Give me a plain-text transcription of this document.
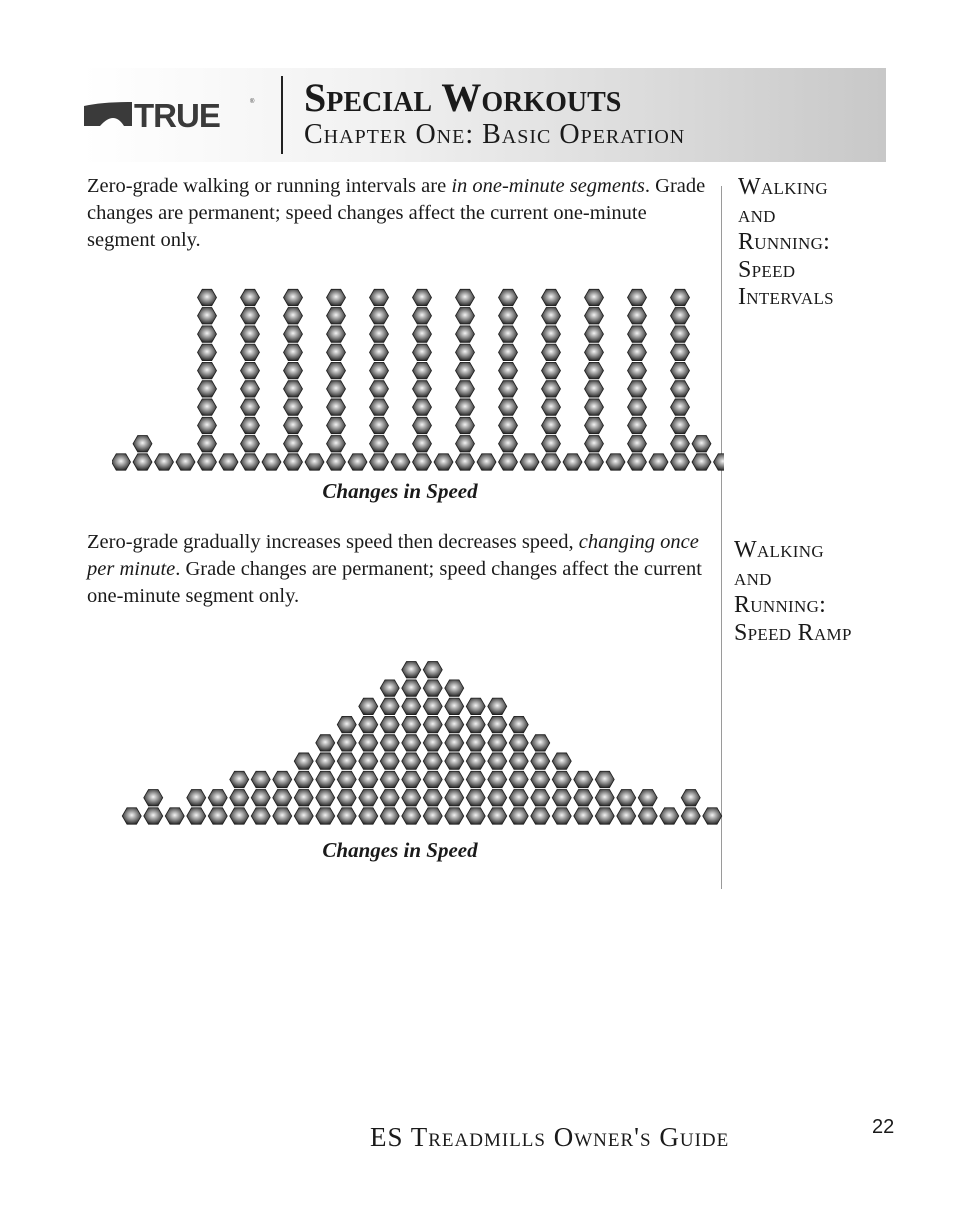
TRUE	® Special Workouts
Chapter One: Basic Operation

Zero-grade walking or running intervals are in one-minute segments. Grade changes are permanent; speed changes affect the current one-minute segment only.

Walking
and
Running:
Speed
Intervals

Changes in Speed

Zero-grade gradually increases speed then decreases speed, changing once per minute. Grade changes are permanent; speed changes affect the current one-minute segment only.

Walking
and
Running:
Speed Ramp

Changes in Speed

ES Treadmills Owner's Guide	22
